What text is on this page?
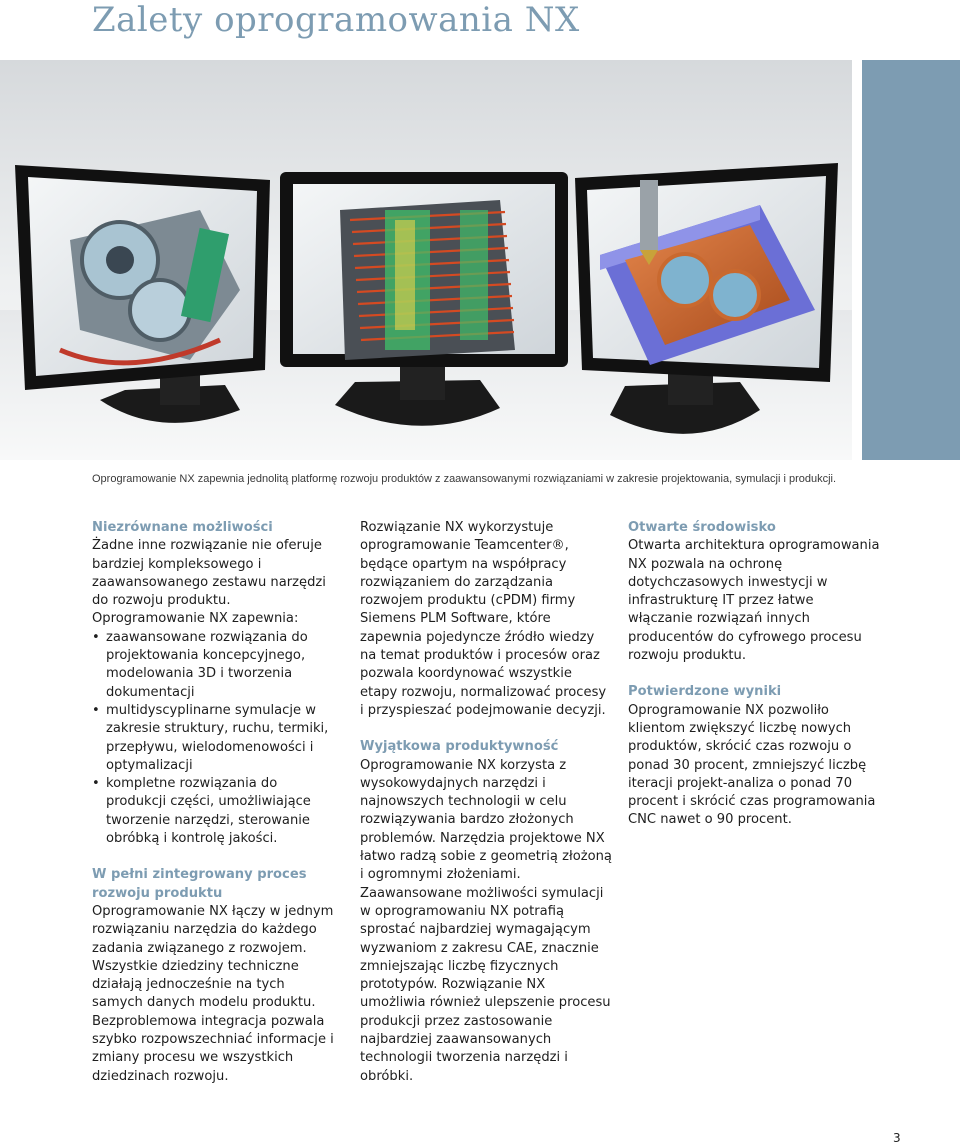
Zalety oprogramowania NX

Oprogramowanie NX zapewnia jednolitą platformę rozwoju produktów z zaawansowanymi rozwiązaniami w zakresie projektowania, symulacji i produkcji.

Niezrównane możliwości

Żadne inne rozwiązanie nie oferuje bardziej kompleksowego i zaawansowanego zestawu narzędzi do rozwoju produktu. Oprogramowanie NX zapewnia:

• zaawansowane rozwiązania do projektowania koncepcyjnego, modelowania 3D i tworzenia dokumentacji
• multidyscyplinarne symulacje w zakresie struktury, ruchu, termiki, przepływu, wielodomenowości i optymalizacji
• kompletne rozwiązania do produkcji części, umożliwiające tworzenie narzędzi, sterowanie obróbką i kontrolę jakości.

W pełni zintegrowany proces rozwoju produktu

Oprogramowanie NX łączy w jednym rozwiązaniu narzędzia do każdego zadania związanego z rozwojem. Wszystkie dziedziny techniczne działają jednocześnie na tych samych danych modelu produktu. Bezproblemowa integracja pozwala szybko rozpowszechniać informacje i zmiany procesu we wszystkich dziedzinach rozwoju.

Rozwiązanie NX wykorzystuje oprogramowanie Teamcenter®, będące opartym na współpracy rozwiązaniem do zarządzania rozwojem produktu (cPDM) firmy Siemens PLM Software, które zapewnia pojedyncze źródło wiedzy na temat produktów i procesów oraz pozwala koordynować wszystkie etapy rozwoju, normalizować procesy i przyspieszać podejmowanie decyzji.

Wyjątkowa produktywność

Oprogramowanie NX korzysta z wysokowydajnych narzędzi i najnowszych technologii w celu rozwiązywania bardzo złożonych problemów. Narzędzia projektowe NX łatwo radzą sobie z geometrią złożoną i ogromnymi złożeniami. Zaawansowane możliwości symulacji w oprogramowaniu NX potrafią sprostać najbardziej wymagającym wyzwaniom z zakresu CAE, znacznie zmniejszając liczbę fizycznych prototypów. Rozwiązanie NX umożliwia również ulepszenie procesu produkcji przez zastosowanie najbardziej zaawansowanych technologii tworzenia narzędzi i obróbki.

Otwarte środowisko

Otwarta architektura oprogramowania NX pozwala na ochronę dotychczasowych inwestycji w infrastrukturę IT przez łatwe włączanie rozwiązań innych producentów do cyfrowego procesu rozwoju produktu.

Potwierdzone wyniki

Oprogramowanie NX pozwoliło klientom zwiększyć liczbę nowych produktów, skrócić czas rozwoju o ponad 30 procent, zmniejszyć liczbę iteracji projekt-analiza o ponad 70 procent i skrócić czas programowania CNC nawet o 90 procent.

3
